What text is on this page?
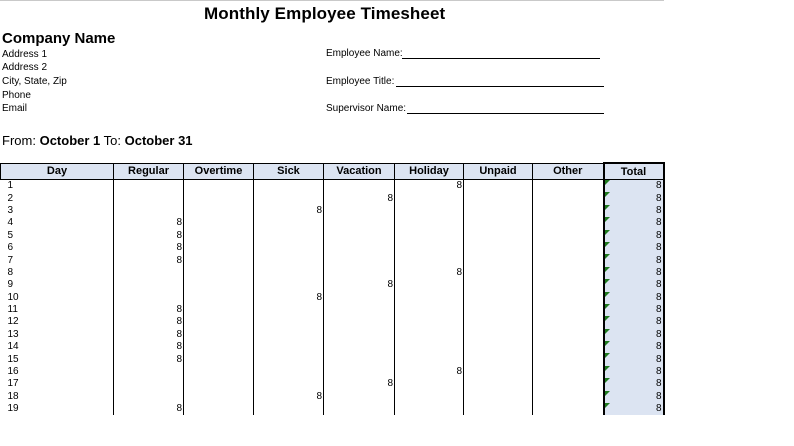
Monthly Employee Timesheet
Company Name
Address 1
Address 2
City, State, Zip
Phone
Email
Employee Name:
Employee Title:
Supervisor Name:
From: October 1 To: October 31
Day	Regular	Overtime	Sick	Vacation	Holiday	Unpaid	Other	Total
1					8			8
2				8				8
3			8					8
4	8							8
5	8							8
6	8							8
7	8							8
8					8			8
9				8				8
10			8					8
11	8							8
12	8							8
13	8							8
14	8							8
15	8							8
16					8			8
17				8				8
18			8					8
19	8							8
